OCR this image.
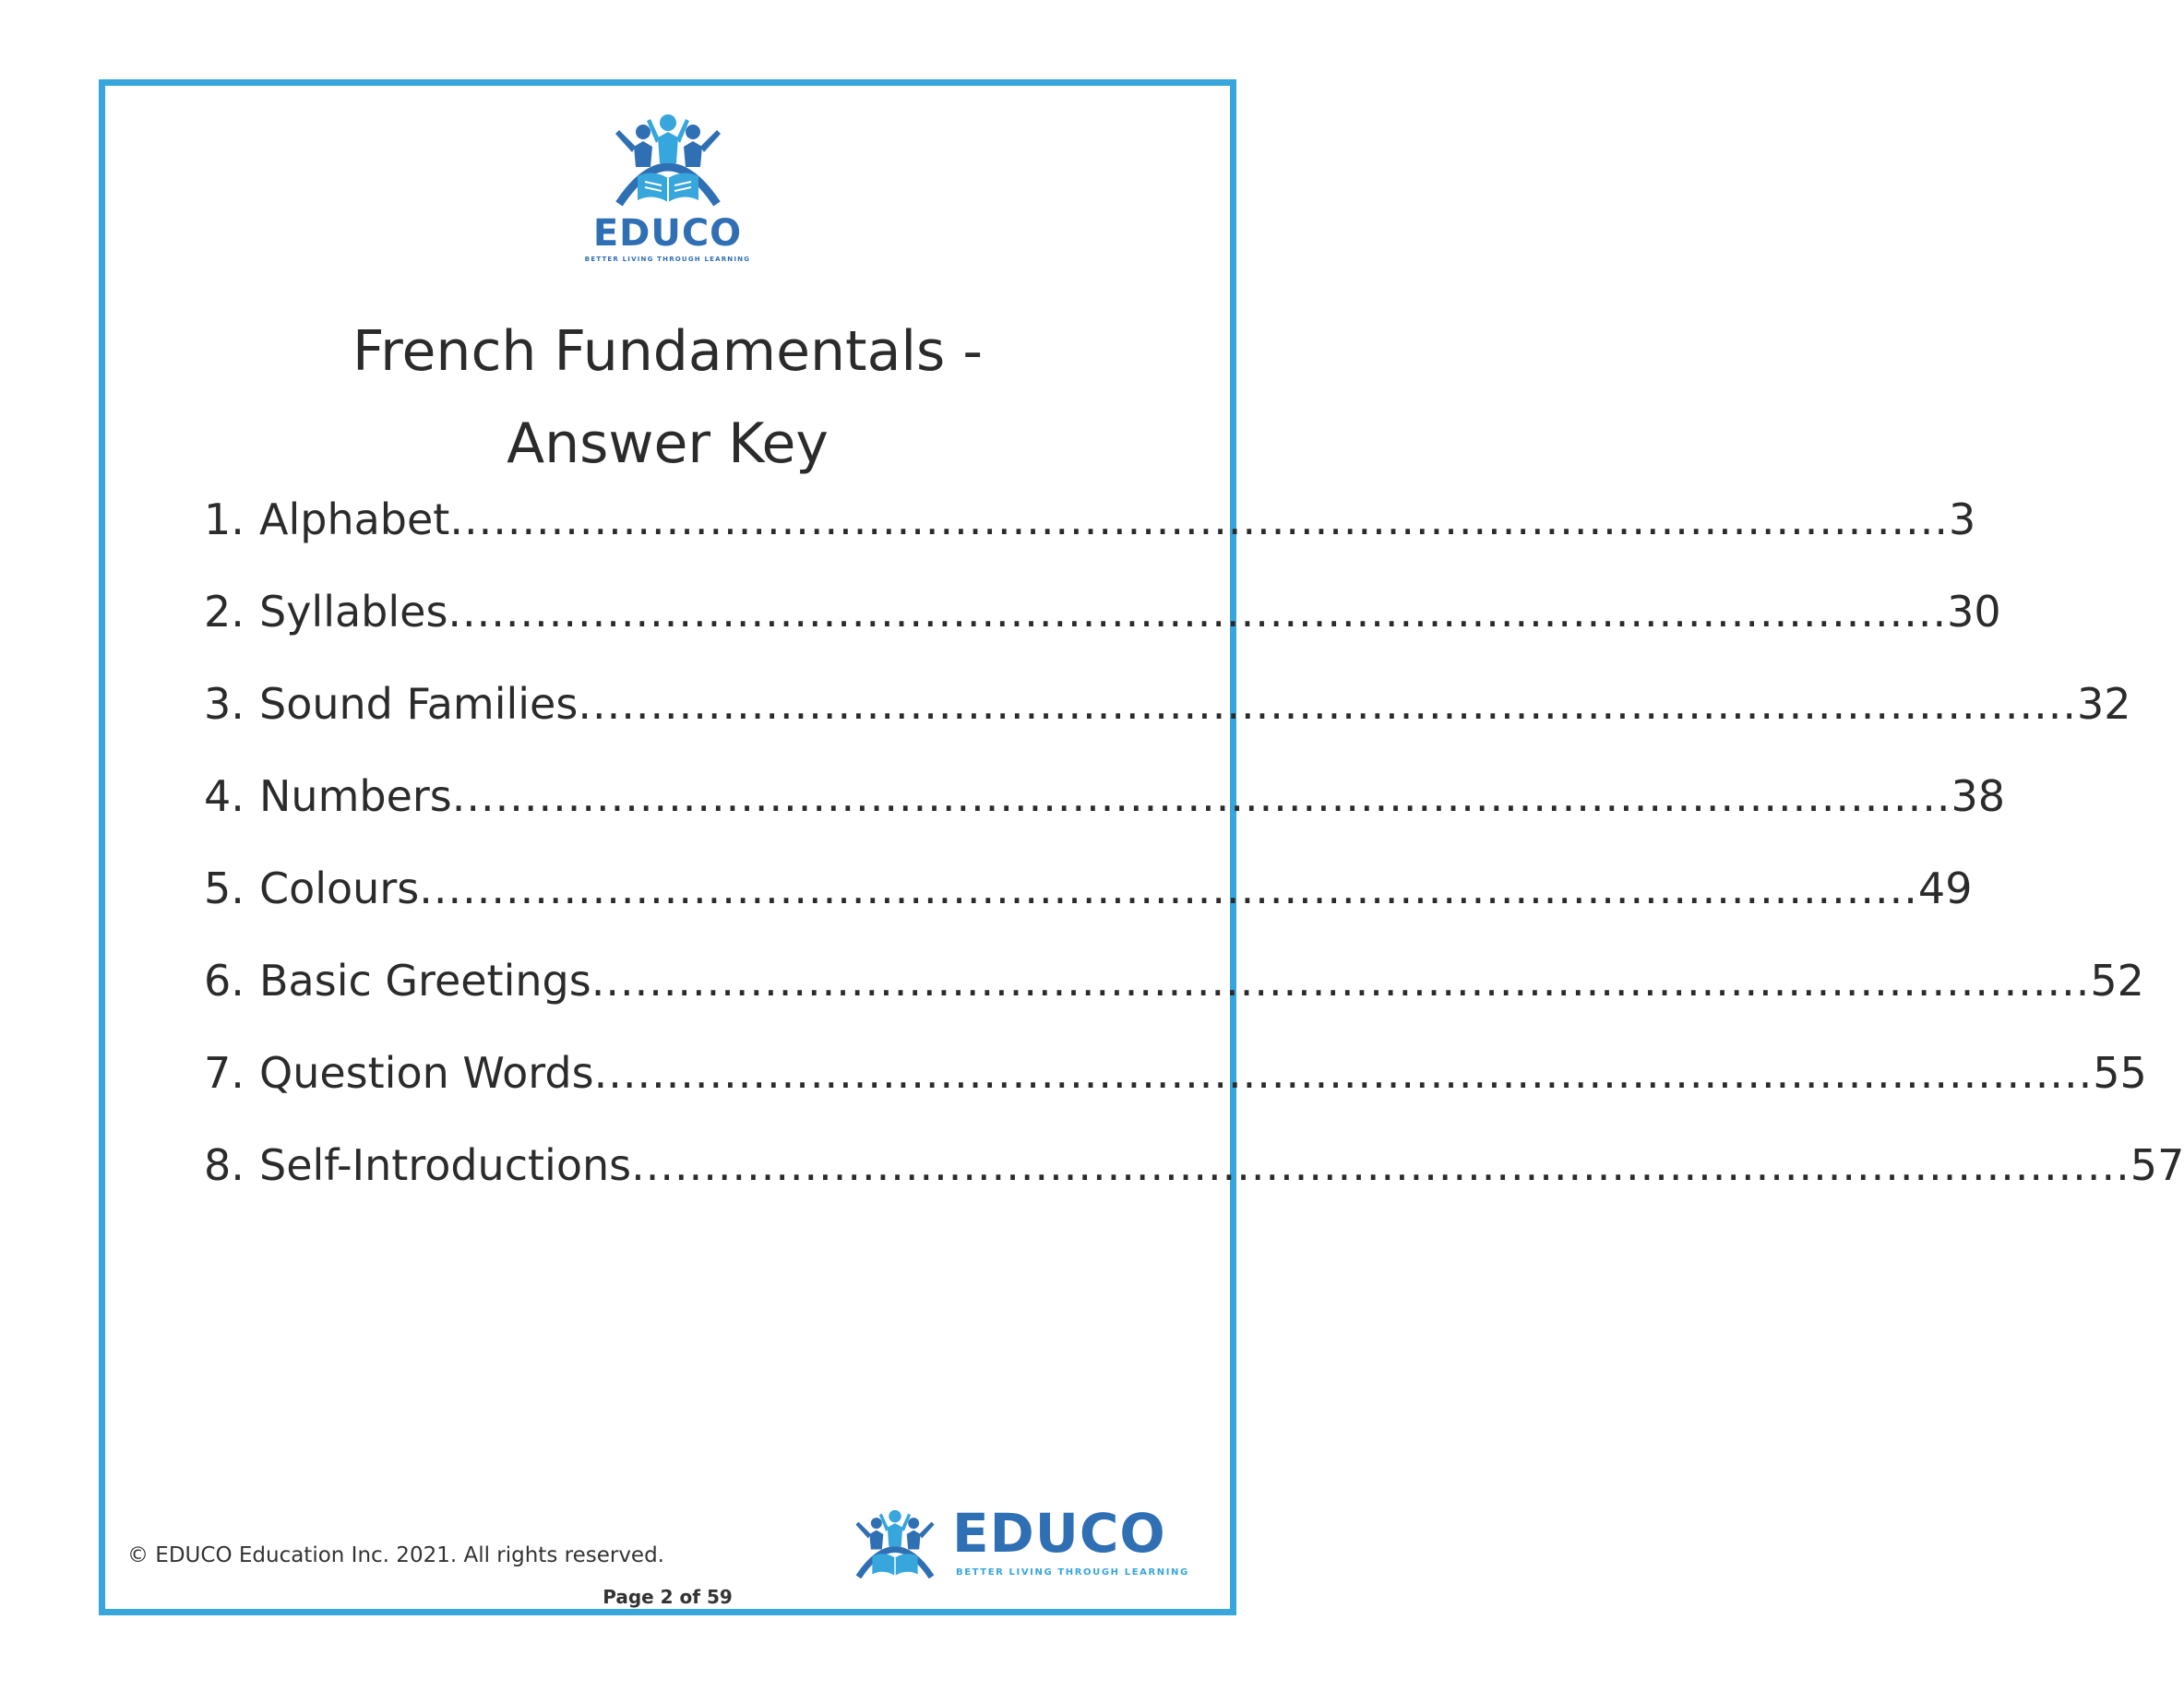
EDUCO
BETTER LIVING THROUGH LEARNING
French Fundamentals -
Answer Key
1. Alphabet ........................................................................................................ 3
2. Syllables ........................................................................................................ 30
3. Sound Families ........................................................................................................ 32
4. Numbers ........................................................................................................ 38
5. Colours ........................................................................................................ 49
6. Basic Greetings ........................................................................................................ 52
7. Question Words ........................................................................................................ 55
8. Self-Introductions ........................................................................................................ 57
© EDUCO Education Inc. 2021. All rights reserved.
Page 2 of 59
EDUCO
BETTER LIVING THROUGH LEARNING
